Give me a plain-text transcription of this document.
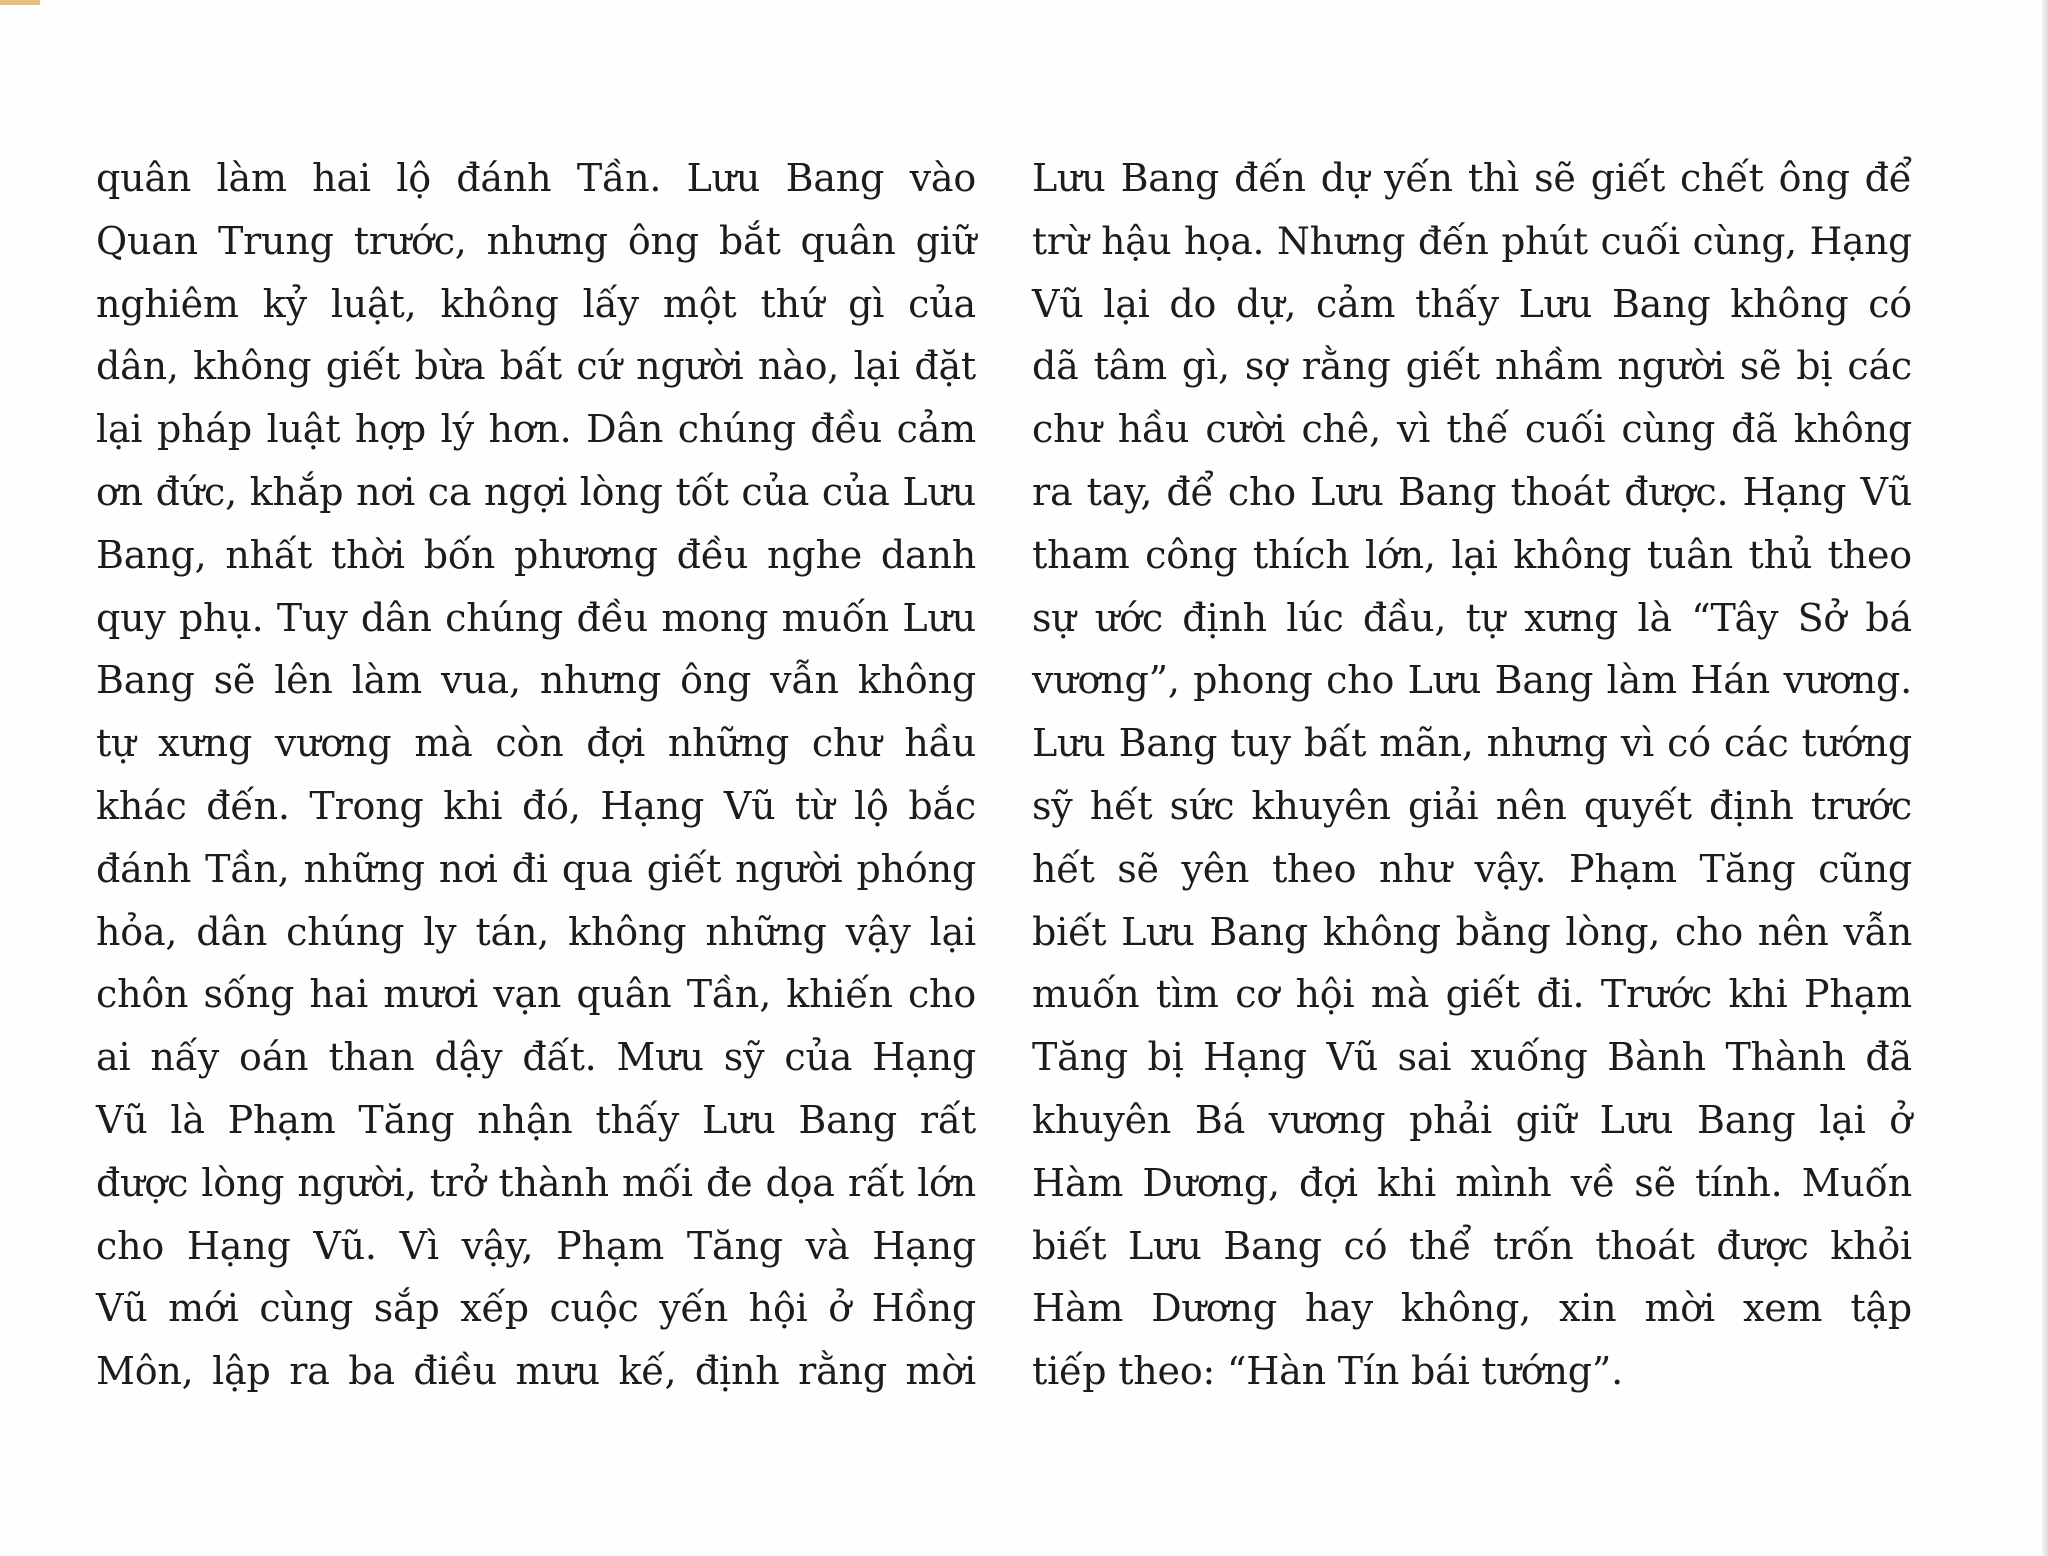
quân làm hai lộ đánh Tần. Lưu Bang vào
Quan Trung trước, nhưng ông bắt quân giữ
nghiêm kỷ luật, không lấy một thứ gì của
dân, không giết bừa bất cứ người nào, lại đặt
lại pháp luật hợp lý hơn. Dân chúng đều cảm
ơn đức, khắp nơi ca ngợi lòng tốt của của Lưu
Bang, nhất thời bốn phương đều nghe danh
quy phụ. Tuy dân chúng đều mong muốn Lưu
Bang sẽ lên làm vua, nhưng ông vẫn không
tự xưng vương mà còn đợi những chư hầu
khác đến. Trong khi đó, Hạng Vũ từ lộ bắc
đánh Tần, những nơi đi qua giết người phóng
hỏa, dân chúng ly tán, không những vậy lại
chôn sống hai mươi vạn quân Tần, khiến cho
ai nấy oán than dậy đất. Mưu sỹ của Hạng
Vũ là Phạm Tăng nhận thấy Lưu Bang rất
được lòng người, trở thành mối đe dọa rất lớn
cho Hạng Vũ. Vì vậy, Phạm Tăng và Hạng
Vũ mới cùng sắp xếp cuộc yến hội ở Hồng
Môn, lập ra ba điều mưu kế, định rằng mời
Lưu Bang đến dự yến thì sẽ giết chết ông để
trừ hậu họa. Nhưng đến phút cuối cùng, Hạng
Vũ lại do dự, cảm thấy Lưu Bang không có
dã tâm gì, sợ rằng giết nhầm người sẽ bị các
chư hầu cười chê, vì thế cuối cùng đã không
ra tay, để cho Lưu Bang thoát được. Hạng Vũ
tham công thích lớn, lại không tuân thủ theo
sự ước định lúc đầu, tự xưng là “Tây Sở bá
vương”, phong cho Lưu Bang làm Hán vương.
Lưu Bang tuy bất mãn, nhưng vì có các tướng
sỹ hết sức khuyên giải nên quyết định trước
hết sẽ yên theo như vậy. Phạm Tăng cũng
biết Lưu Bang không bằng lòng, cho nên vẫn
muốn tìm cơ hội mà giết đi. Trước khi Phạm
Tăng bị Hạng Vũ sai xuống Bành Thành đã
khuyên Bá vương phải giữ Lưu Bang lại ở
Hàm Dương, đợi khi mình về sẽ tính. Muốn
biết Lưu Bang có thể trốn thoát được khỏi
Hàm Dương hay không, xin mời xem tập
tiếp theo: “Hàn Tín bái tướng”.
